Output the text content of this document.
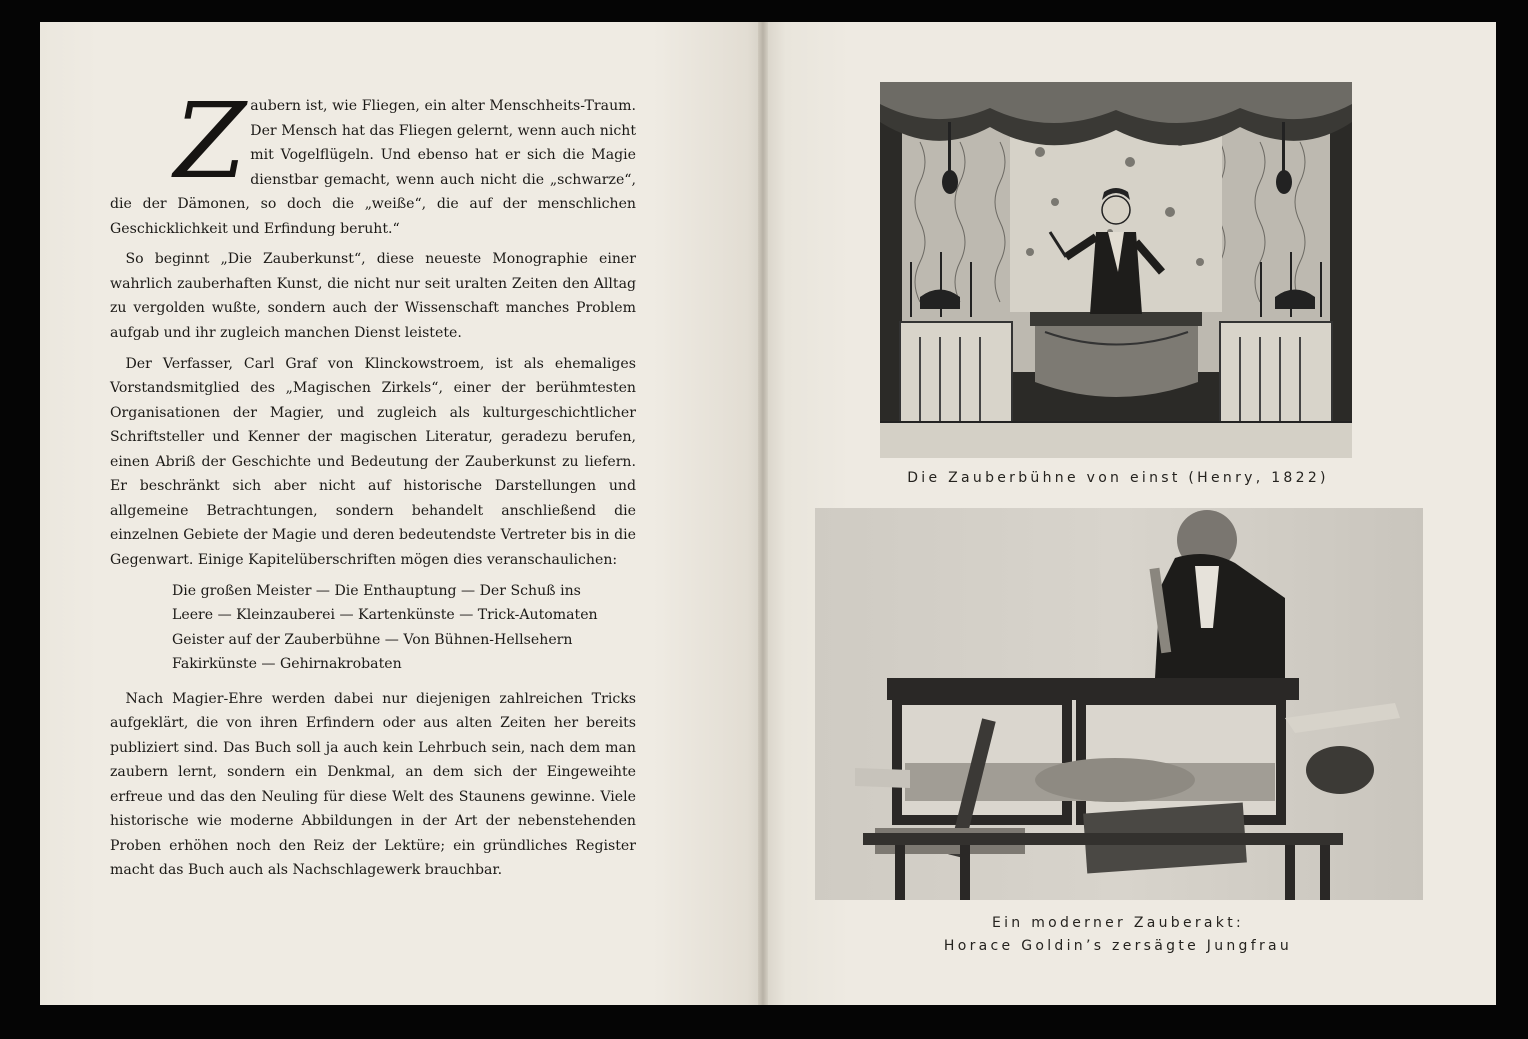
Zaubern ist, wie Fliegen, ein alter Menschheits-Traum. Der Mensch hat das Fliegen gelernt, wenn auch nicht mit Vogelflügeln. Und ebenso hat er sich die Magie dienstbar gemacht, wenn auch nicht die „schwarze“, die der Dämonen, so doch die „weiße“, die auf der menschlichen Geschicklichkeit und Erfindung beruht.“

So beginnt „Die Zauberkunst“, diese neueste Monographie einer wahrlich zauberhaften Kunst, die nicht nur seit uralten Zeiten den Alltag zu vergolden wußte, sondern auch der Wissenschaft manches Problem aufgab und ihr zugleich manchen Dienst leistete.

Der Verfasser, Carl Graf von Klinckowstroem, ist als ehemaliges Vorstandsmitglied des „Magischen Zirkels“, einer der berühmtesten Organisationen der Magier, und zugleich als kulturgeschichtlicher Schriftsteller und Kenner der magischen Literatur, geradezu berufen, einen Abriß der Geschichte und Bedeutung der Zauberkunst zu liefern. Er beschränkt sich aber nicht auf historische Darstellungen und allgemeine Betrachtungen, sondern behandelt anschließend die einzelnen Gebiete der Magie und deren bedeutendste Vertreter bis in die Gegenwart. Einige Kapitelüberschriften mögen dies veranschaulichen:

Die großen Meister — Die Enthauptung — Der Schuß ins
Leere — Kleinzauberei — Kartenkünste — Trick-Automaten
Geister auf der Zauberbühne — Von Bühnen-Hellsehern
Fakirkünste — Gehirnakrobaten

Nach Magier-Ehre werden dabei nur diejenigen zahlreichen Tricks aufgeklärt, die von ihren Erfindern oder aus alten Zeiten her bereits publiziert sind. Das Buch soll ja auch kein Lehrbuch sein, nach dem man zaubern lernt, sondern ein Denkmal, an dem sich der Eingeweihte erfreue und das den Neuling für diese Welt des Staunens gewinne. Viele historische wie moderne Abbildungen in der Art der nebenstehenden Proben erhöhen noch den Reiz der Lektüre; ein gründliches Register macht das Buch auch als Nachschlagewerk brauchbar.

Die Zauberbühne von einst (Henry, 1822)
Ein moderner Zauberakt:
Horace Goldin’s zersägte Jungfrau
